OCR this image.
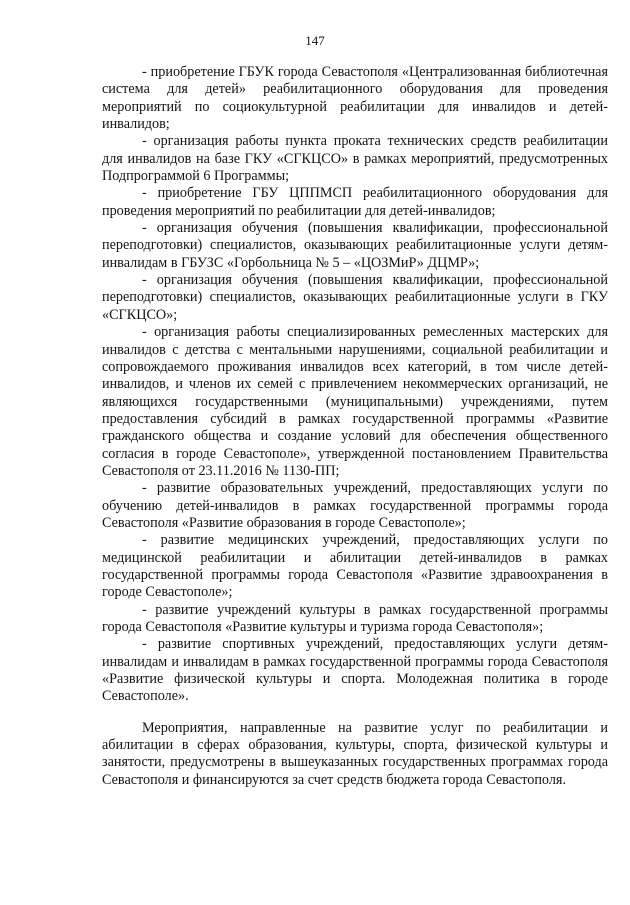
147

- приобретение ГБУК города Севастополя «Централизованная библиотечная система для детей» реабилитационного оборудования для проведения мероприятий по социокультурной реабилитации для инвалидов и детей-инвалидов;

- организация работы пункта проката технических средств реабилитации для инвалидов на базе ГКУ «СГКЦСО» в рамках мероприятий, предусмотренных Подпрограммой 6 Программы;

- приобретение ГБУ ЦППМСП реабилитационного оборудования для проведения мероприятий по реабилитации для детей-инвалидов;

- организация обучения (повышения квалификации, профессиональной переподготовки) специалистов, оказывающих реабилитационные услуги детям-инвалидам в ГБУЗС «Горбольница № 5 – «ЦОЗМиР» ДЦМР»;

- организация обучения (повышения квалификации, профессиональной переподготовки) специалистов, оказывающих реабилитационные услуги в ГКУ «СГКЦСО»;

- организация работы специализированных ремесленных мастерских для инвалидов с детства с ментальными нарушениями, социальной реабилитации и сопровождаемого проживания инвалидов всех категорий, в том числе детей-инвалидов, и членов их семей с привлечением некоммерческих организаций, не являющихся государственными (муниципальными) учреждениями, путем предоставления субсидий в рамках государственной программы «Развитие гражданского общества и создание условий для обеспечения общественного согласия в городе Севастополе», утвержденной постановлением Правительства Севастополя от 23.11.2016 № 1130-ПП;

- развитие образовательных учреждений, предоставляющих услуги по обучению детей-инвалидов в рамках государственной программы города Севастополя «Развитие образования в городе Севастополе»;

- развитие медицинских учреждений, предоставляющих услуги по медицинской реабилитации и абилитации детей-инвалидов в рамках государственной программы города Севастополя «Развитие здравоохранения в городе Севастополе»;

- развитие учреждений культуры в рамках государственной программы города Севастополя «Развитие культуры и туризма города Севастополя»;

- развитие спортивных учреждений, предоставляющих услуги детям-инвалидам и инвалидам в рамках государственной программы города Севастополя «Развитие физической культуры и спорта. Молодежная политика в городе Севастополе».

Мероприятия, направленные на развитие услуг по реабилитации и абилитации в сферах образования, культуры, спорта, физической культуры и занятости, предусмотрены в вышеуказанных государственных программах города Севастополя и финансируются за счет средств бюджета города Севастополя.
